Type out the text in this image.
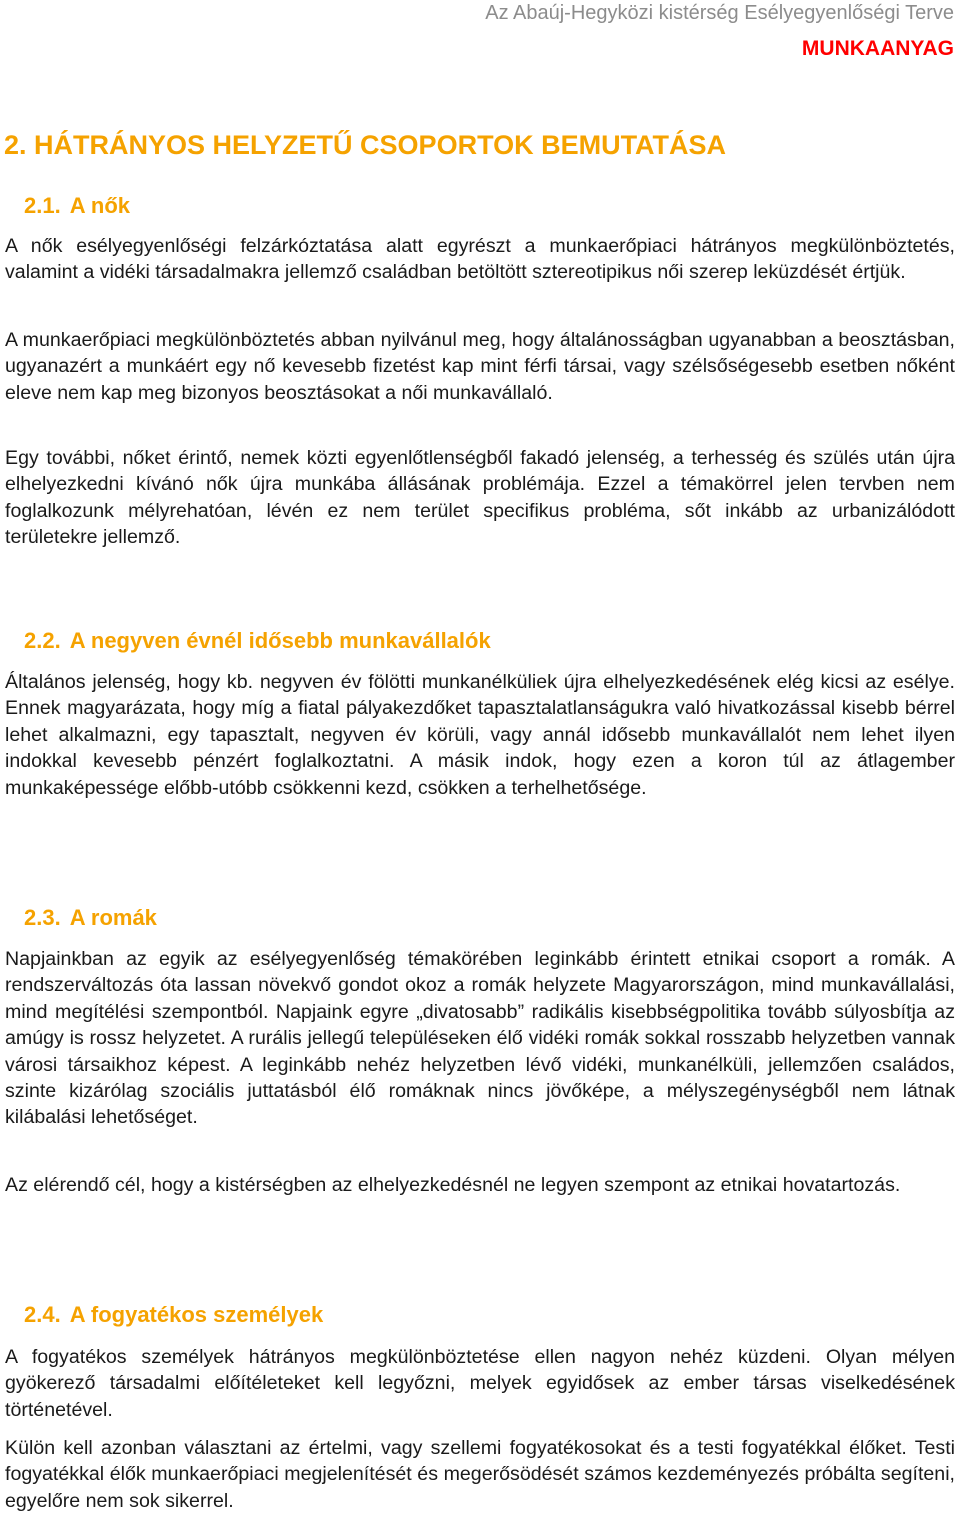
Az Abaúj-Hegyközi kistérség Esélyegyenlőségi Terve
MUNKAANYAG
2. HÁTRÁNYOS HELYZETŰ CSOPORTOK BEMUTATÁSA
2.1. A nők

A nők esélyegyenlőségi felzárkóztatása alatt egyrészt a munkaerőpiaci hátrányos megkülönböztetés, valamint a vidéki társadalmakra jellemző családban betöltött sztereotipikus női szerep leküzdését értjük.

A munkaerőpiaci megkülönböztetés abban nyilvánul meg, hogy általánosságban ugyanabban a beosztásban, ugyanazért a munkáért egy nő kevesebb fizetést kap mint férfi társai, vagy szélsőségesebb esetben nőként eleve nem kap meg bizonyos beosztásokat a női munkavállaló.

Egy további, nőket érintő, nemek közti egyenlőtlenségből fakadó jelenség, a terhesség és szülés után újra elhelyezkedni kívánó nők újra munkába állásának problémája. Ezzel a témakörrel jelen tervben nem foglalkozunk mélyrehatóan, lévén ez nem terület specifikus probléma, sőt inkább az urbanizálódott területekre jellemző.

2.2. A negyven évnél idősebb munkavállalók

Általános jelenség, hogy kb. negyven év fölötti munkanélküliek újra elhelyezkedésének elég kicsi az esélye. Ennek magyarázata, hogy míg a fiatal pályakezdőket tapasztalatlanságukra való hivatkozással kisebb bérrel lehet alkalmazni, egy tapasztalt, negyven év körüli, vagy annál idősebb munkavállalót nem lehet ilyen indokkal kevesebb pénzért foglalkoztatni. A másik indok, hogy ezen a koron túl az átlagember munkaképessége előbb-utóbb csökkenni kezd, csökken a terhelhetősége.

2.3. A romák

Napjainkban az egyik az esélyegyenlőség témakörében leginkább érintett etnikai csoport a romák. A rendszerváltozás óta lassan növekvő gondot okoz a romák helyzete Magyarországon, mind munkavállalási, mind megítélési szempontból. Napjaink egyre „divatosabb” radikális kisebbségpolitika tovább súlyosbítja az amúgy is rossz helyzetet. A rurális jellegű településeken élő vidéki romák sokkal rosszabb helyzetben vannak városi társaikhoz képest. A leginkább nehéz helyzetben lévő vidéki, munkanélküli, jellemzően családos, szinte kizárólag szociális juttatásból élő romáknak nincs jövőképe, a mélyszegénységből nem látnak kilábalási lehetőséget.

Az elérendő cél, hogy a kistérségben az elhelyezkedésnél ne legyen szempont az etnikai hovatartozás.

2.4. A fogyatékos személyek

A fogyatékos személyek hátrányos megkülönböztetése ellen nagyon nehéz küzdeni. Olyan mélyen gyökerező társadalmi előítéleteket kell legyőzni, melyek egyidősek az ember társas viselkedésének történetével.

Külön kell azonban választani az értelmi, vagy szellemi fogyatékosokat és a testi fogyatékkal élőket. Testi fogyatékkal élők munkaerőpiaci megjelenítését és megerősödését számos kezdeményezés próbálta segíteni, egyelőre nem sok sikerrel.
